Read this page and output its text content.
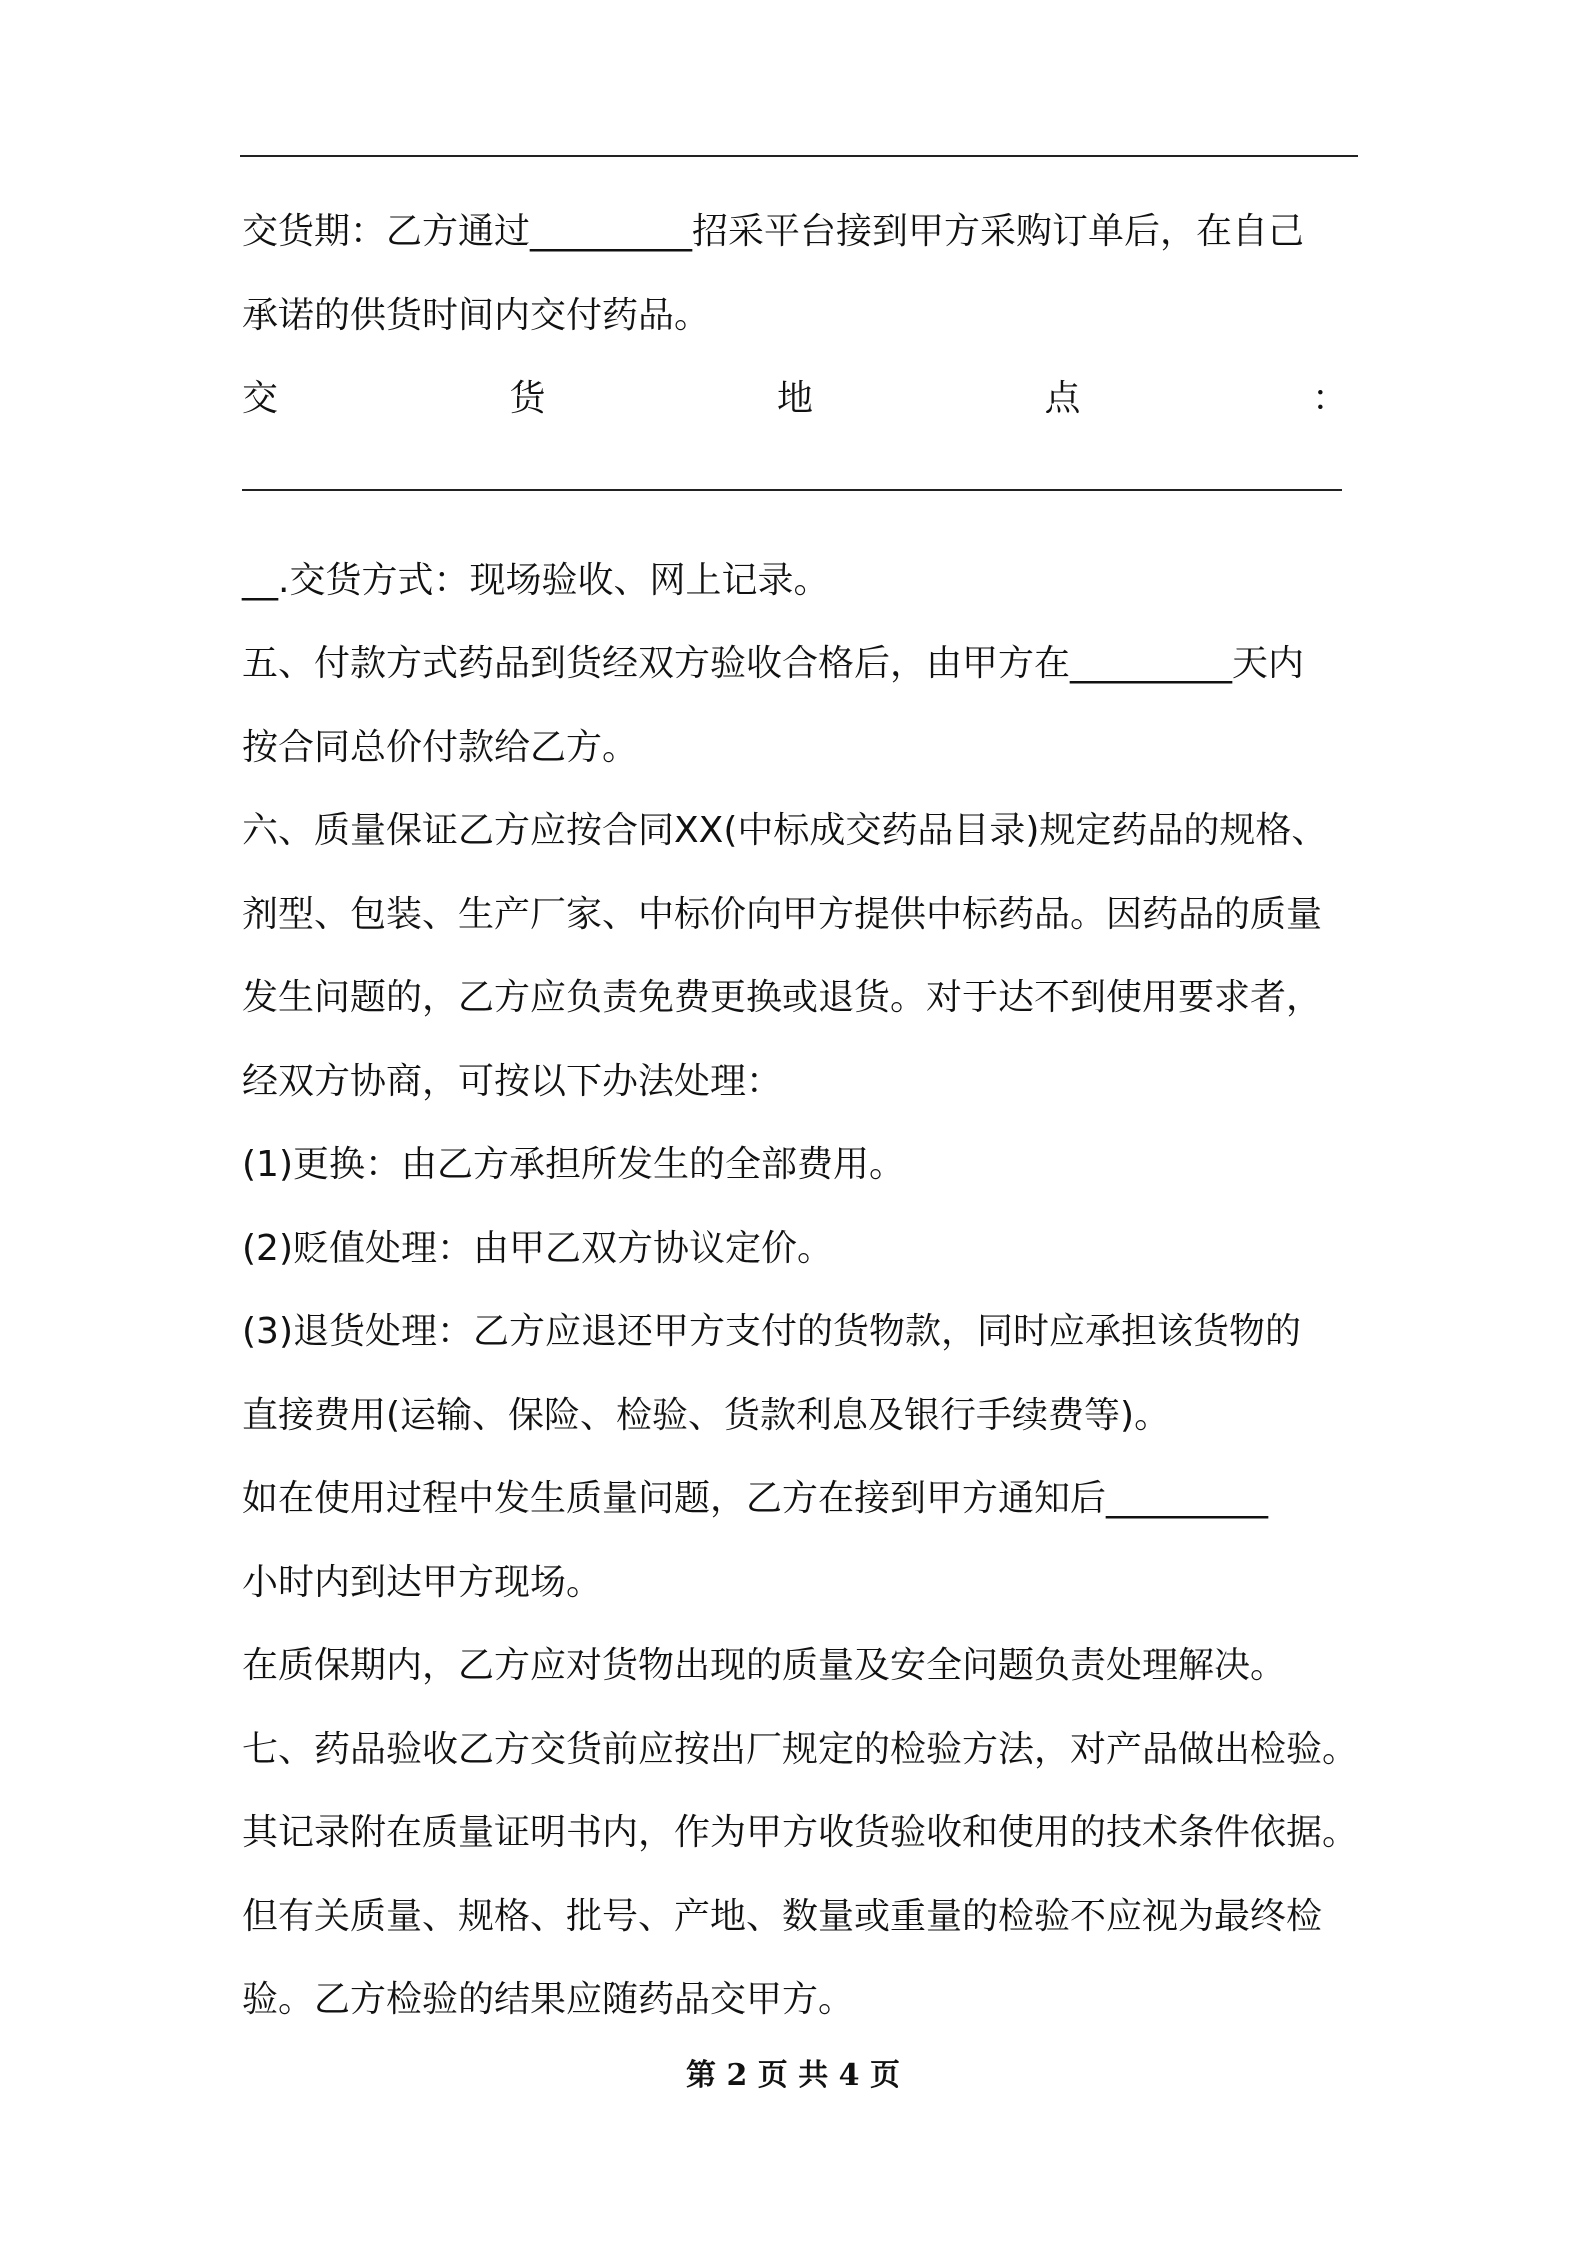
交货期：乙方通过_________招采平台接到甲方采购订单后，在自己
承诺的供货时间内交付药品。
交	货	地	点	：
__.交货方式：现场验收、网上记录。
五、付款方式药品到货经双方验收合格后，由甲方在_________天内
按合同总价付款给乙方。
六、质量保证乙方应按合同XX(中标成交药品目录)规定药品的规格、
剂型、包装、生产厂家、中标价向甲方提供中标药品。因药品的质量
发生问题的，乙方应负责免费更换或退货。对于达不到使用要求者，
经双方协商，可按以下办法处理：
(1)更换：由乙方承担所发生的全部费用。
(2)贬值处理：由甲乙双方协议定价。
(3)退货处理：乙方应退还甲方支付的货物款，同时应承担该货物的
直接费用(运输、保险、检验、货款利息及银行手续费等)。
如在使用过程中发生质量问题，乙方在接到甲方通知后_________
小时内到达甲方现场。
在质保期内，乙方应对货物出现的质量及安全问题负责处理解决。
七、药品验收乙方交货前应按出厂规定的检验方法，对产品做出检验。
其记录附在质量证明书内，作为甲方收货验收和使用的技术条件依据。
但有关质量、规格、批号、产地、数量或重量的检验不应视为最终检
验。乙方检验的结果应随药品交甲方。
第 2 页 共 4 页
